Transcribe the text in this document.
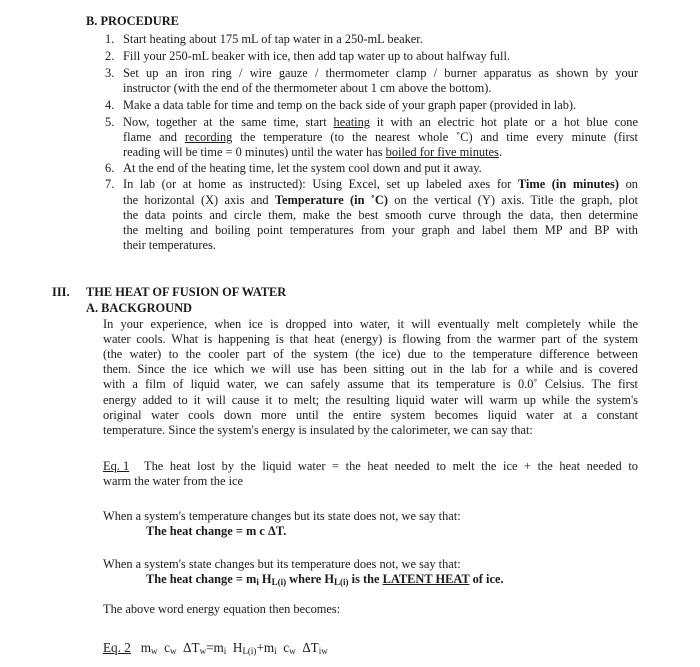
B. PROCEDURE
1. Start heating about 175 mL of tap water in a 250-mL beaker.
2. Fill your 250-mL beaker with ice, then add tap water up to about halfway full.
3. Set up an iron ring / wire gauze / thermometer clamp / burner apparatus as shown by your
instructor (with the end of the thermometer about 1 cm above the bottom).
4. Make a data table for time and temp on the back side of your graph paper (provided in lab).
5. Now, together at the same time, start heating it with an electric hot plate or a hot blue cone
flame and recording the temperature (to the nearest whole ˚C) and time every minute (first
reading will be time = 0 minutes) until the water has boiled for five minutes.
6. At the end of the heating time, let the system cool down and put it away.
7. In lab (or at home as instructed): Using Excel, set up labeled axes for Time (in minutes) on
the horizontal (X) axis and Temperature (in ˚C) on the vertical (Y) axis. Title the graph, plot
the data points and circle them, make the best smooth curve through the data, then determine
the melting and boiling point temperatures from your graph and label them MP and BP with
their temperatures.
III. THE HEAT OF FUSION OF WATER
A. BACKGROUND
In your experience, when ice is dropped into water, it will eventually melt completely while the
water cools. What is happening is that heat (energy) is flowing from the warmer part of the system
(the water) to the cooler part of the system (the ice) due to the temperature difference between
them. Since the ice which we will use has been sitting out in the lab for a while and is covered
with a film of liquid water, we can safely assume that its temperature is 0.0˚ Celsius. The first
energy added to it will cause it to melt; the resulting liquid water will warm up while the system's
original water cools down more until the entire system becomes liquid water at a constant
temperature. Since the system's energy is insulated by the calorimeter, we can say that:
Eq. 1 The heat lost by the liquid water = the heat needed to melt the ice + the heat needed to
warm the water from the ice
When a system's temperature changes but its state does not, we say that:
The heat change = m c ΔT.
When a system's state changes but its temperature does not, we say that:
The heat change = $m_i$ $H_{L(i)}$ where $H_{L(i)}$ is the LATENT HEAT of ice.
The above word energy equation then becomes:
Eq. 2 mw cw ΔTw=mi HL(i)+mi cw ΔTiw
